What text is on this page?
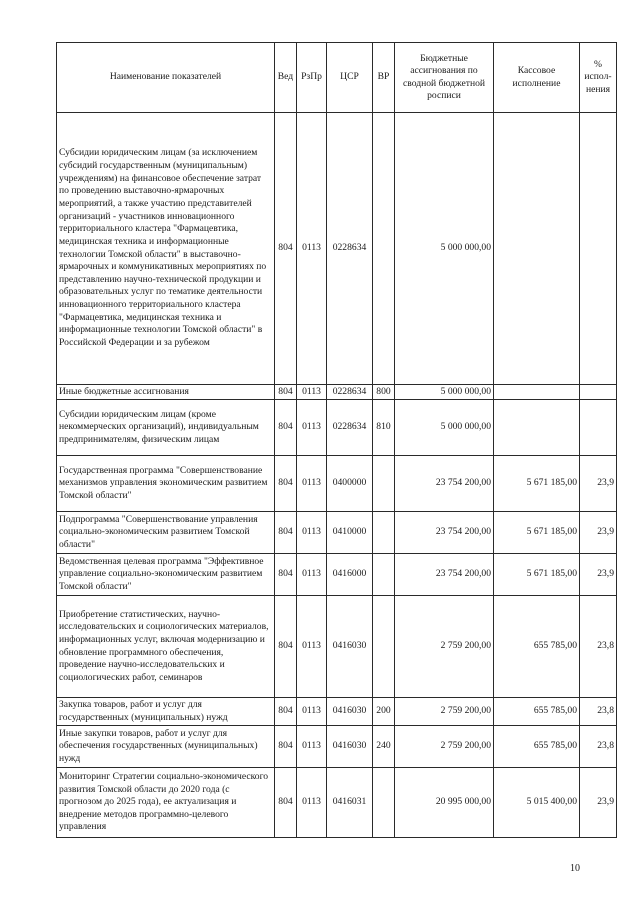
Наименование показателей	Вед	РзПр	ЦСР	ВР	Бюджетные ассигнования по сводной бюджетной росписи	Кассовое исполнение	% испол-нения
Субсидии юридическим лицам (за исключением субсидий государственным (муниципальным) учреждениям) на финансовое обеспечение затрат по проведению выставочно-ярмарочных мероприятий, а также участию представителей организаций - участников инновационного территориального кластера "Фармацевтика, медицинская техника и информационные технологии Томской области" в выставочно-ярмарочных и коммуникативных мероприятиях по представлению научно-технической продукции и образовательных услуг по тематике деятельности инновационного территориального кластера "Фармацевтика, медицинская техника и информационные технологии Томской области" в Российской Федерации и за рубежом	804	0113	0228634		5 000 000,00		
Иные бюджетные ассигнования	804	0113	0228634	800	5 000 000,00		
Субсидии юридическим лицам (кроме некоммерческих организаций), индивидуальным предпринимателям, физическим лицам	804	0113	0228634	810	5 000 000,00		
Государственная программа "Совершенствование механизмов управления экономическим развитием Томской области"	804	0113	0400000		23 754 200,00	5 671 185,00	23,9
Подпрограмма "Совершенствование управления социально-экономическим развитием Томской области"	804	0113	0410000		23 754 200,00	5 671 185,00	23,9
Ведомственная целевая программа "Эффективное управление социально-экономическим развитием Томской области"	804	0113	0416000		23 754 200,00	5 671 185,00	23,9
Приобретение статистических, научно-исследовательских и социологических материалов, информационных услуг, включая модернизацию и обновление программного обеспечения, проведение научно-исследовательских и социологических работ, семинаров	804	0113	0416030		2 759 200,00	655 785,00	23,8
Закупка товаров, работ и услуг для государственных (муниципальных) нужд	804	0113	0416030	200	2 759 200,00	655 785,00	23,8
Иные закупки товаров, работ и услуг для обеспечения государственных (муниципальных) нужд	804	0113	0416030	240	2 759 200,00	655 785,00	23,8
Мониторинг Стратегии социально-экономического развития Томской области до 2020 года (с прогнозом до 2025 года), ее актуализация и внедрение методов программно-целевого управления	804	0113	0416031		20 995 000,00	5 015 400,00	23,9
10
